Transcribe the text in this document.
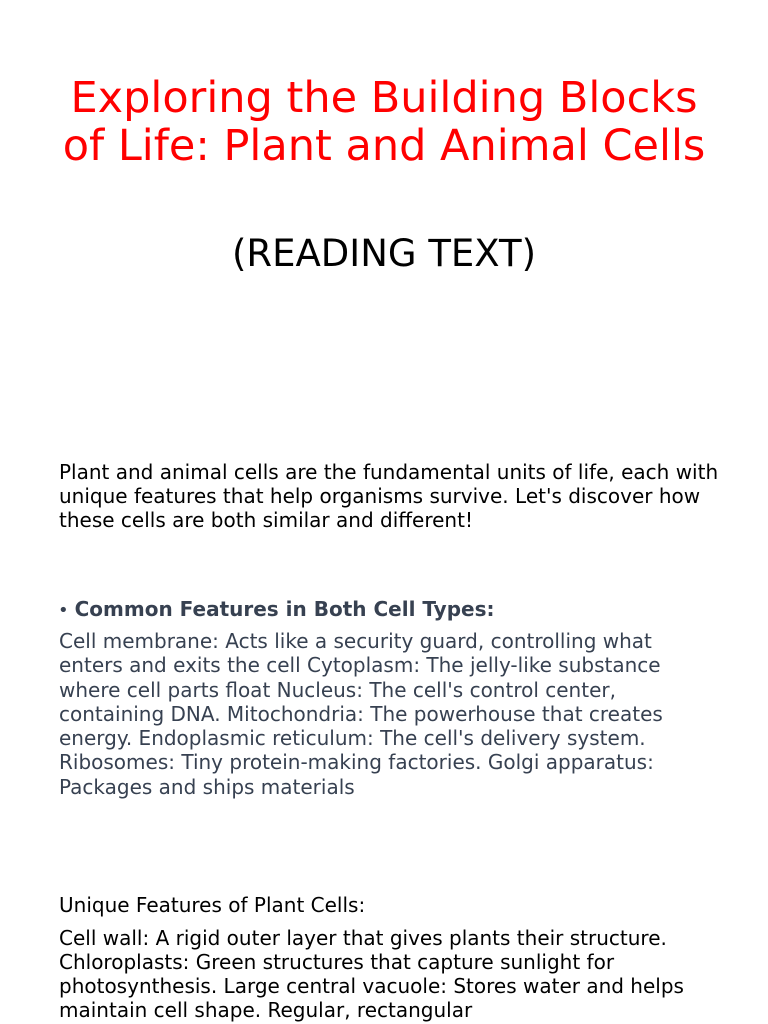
Exploring the Building Blocks of Life: Plant and Animal Cells
(READING TEXT)

Plant and animal cells are the fundamental units of life, each with unique features that help organisms survive. Let's discover how these cells are both similar and different!

• Common Features in Both Cell Types:

Cell membrane: Acts like a security guard, controlling what enters and exits the cell Cytoplasm: The jelly-like substance where cell parts float Nucleus: The cell's control center, containing DNA. Mitochondria: The powerhouse that creates energy. Endoplasmic reticulum: The cell's delivery system. Ribosomes: Tiny protein-making factories. Golgi apparatus: Packages and ships materials

Unique Features of Plant Cells:

Cell wall: A rigid outer layer that gives plants their structure. Chloroplasts: Green structures that capture sunlight for photosynthesis. Large central vacuole: Stores water and helps maintain cell shape. Regular, rectangular
